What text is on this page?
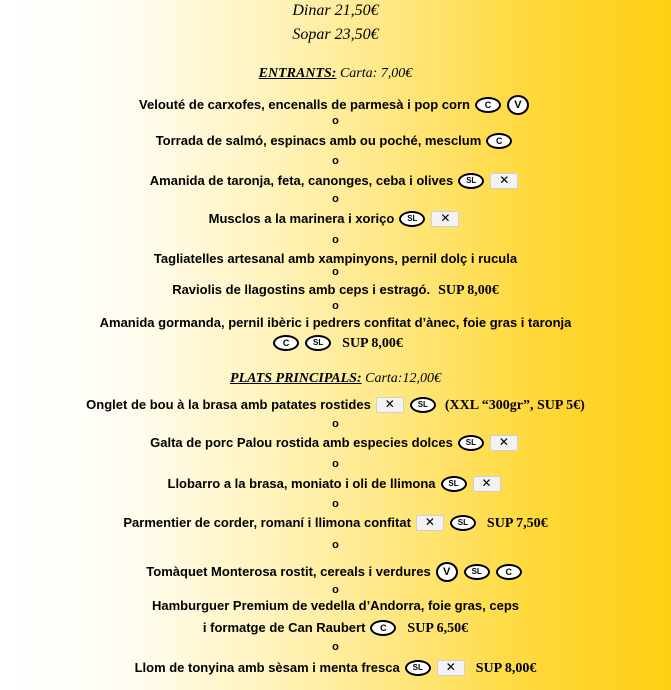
Dinar 21,50€
Sopar 23,50€
ENTRANTS: Carta: 7,00€
Velouté de carxofes, encenalls de parmesà i pop corn C V
Torrada de salmó, espinacs amb ou poché, mesclum C
Amanida de taronja, feta, canonges, ceba i olives SL ✕
Musclos a la marinera i xoriço SL ✕
Tagliatelles artesanal amb xampinyons, pernil dolç i rucula
Raviolis de llagostins amb ceps i estragó. SUP 8,00€
Amanida gormanda, pernil ibèric i pedrers confitat d’ànec, foie gras i taronja
C	SL SUP 8,00€
o
o
o
o
o
o
PLATS PRINCIPALS: Carta:12,00€
Onglet de bou à la brasa amb patates rostides ✕	SL (XXL “300gr”, SUP 5€)
Galta de porc Palou rostida amb especies dolces SL ✕
Llobarro a la brasa, moniato i oli de llimona SL ✕
Parmentier de corder, romaní i llimona confitat ✕	SL SUP 7,50€
Tomàquet Monterosa rostit, cereals i verdures V	SL	C
Hamburguer Premium de vedella d’Andorra, foie gras, ceps
i formatge de Can Raubert C SUP 6,50€
Llom de tonyina amb sèsam i menta fresca SL ✕ SUP 8,00€
o
o
o
o
o
o
